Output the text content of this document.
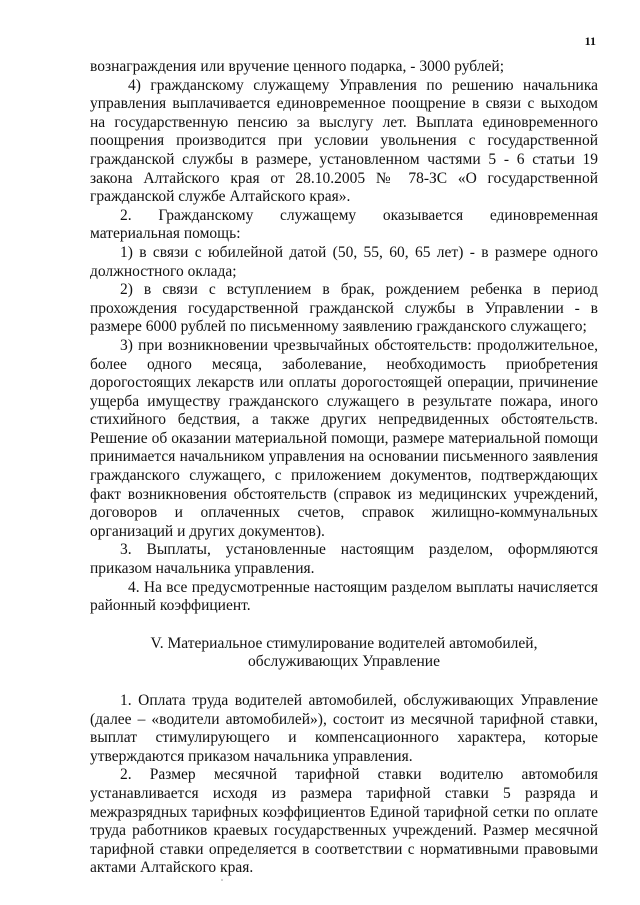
11

вознаграждения или вручение ценного подарка, - 3000 рублей;

4) гражданскому служащему Управления по решению начальника управления выплачивается единовременное поощрение в связи с выходом на государственную пенсию за выслугу лет. Выплата единовременного поощрения производится при условии увольнения с государственной гражданской службы в размере, установленном частями 5 - 6 статьи 19 закона Алтайского края от 28.10.2005 № 78-ЗС «О государственной гражданской службе Алтайского края».

2. Гражданскому служащему оказывается единовременная материальная помощь:

1) в связи с юбилейной датой (50, 55, 60, 65 лет) - в размере одного должностного оклада;

2) в связи с вступлением в брак, рождением ребенка в период прохождения государственной гражданской службы в Управлении - в размере 6000 рублей по письменному заявлению гражданского служащего;

3) при возникновении чрезвычайных обстоятельств: продолжительное, более одного месяца, заболевание, необходимость приобретения дорогостоящих лекарств или оплаты дорогостоящей операции, причинение ущерба имуществу гражданского служащего в результате пожара, иного стихийного бедствия, а также других непредвиденных обстоятельств. Решение об оказании материальной помощи, размере материальной помощи принимается начальником управления на основании письменного заявления гражданского служащего, с приложением документов, подтверждающих факт возникновения обстоятельств (справок из медицинских учреждений, договоров и оплаченных счетов, справок жилищно-коммунальных организаций и других документов).

3. Выплаты, установленные настоящим разделом, оформляются приказом начальника управления.

4. На все предусмотренные настоящим разделом выплаты начисляется районный коэффициент.

V. Материальное стимулирование водителей автомобилей,
обслуживающих Управление

1. Оплата труда водителей автомобилей, обслуживающих Управление (далее – «водители автомобилей»), состоит из месячной тарифной ставки, выплат стимулирующего и компенсационного характера, которые утверждаются приказом начальника управления.

2. Размер месячной тарифной ставки водителю автомобиля устанавливается исходя из размера тарифной ставки 5 разряда и межразрядных тарифных коэффициентов Единой тарифной сетки по оплате труда работников краевых государственных учреждений. Размер месячной тарифной ставки определяется в соответствии с нормативными правовыми актами Алтайского края.
